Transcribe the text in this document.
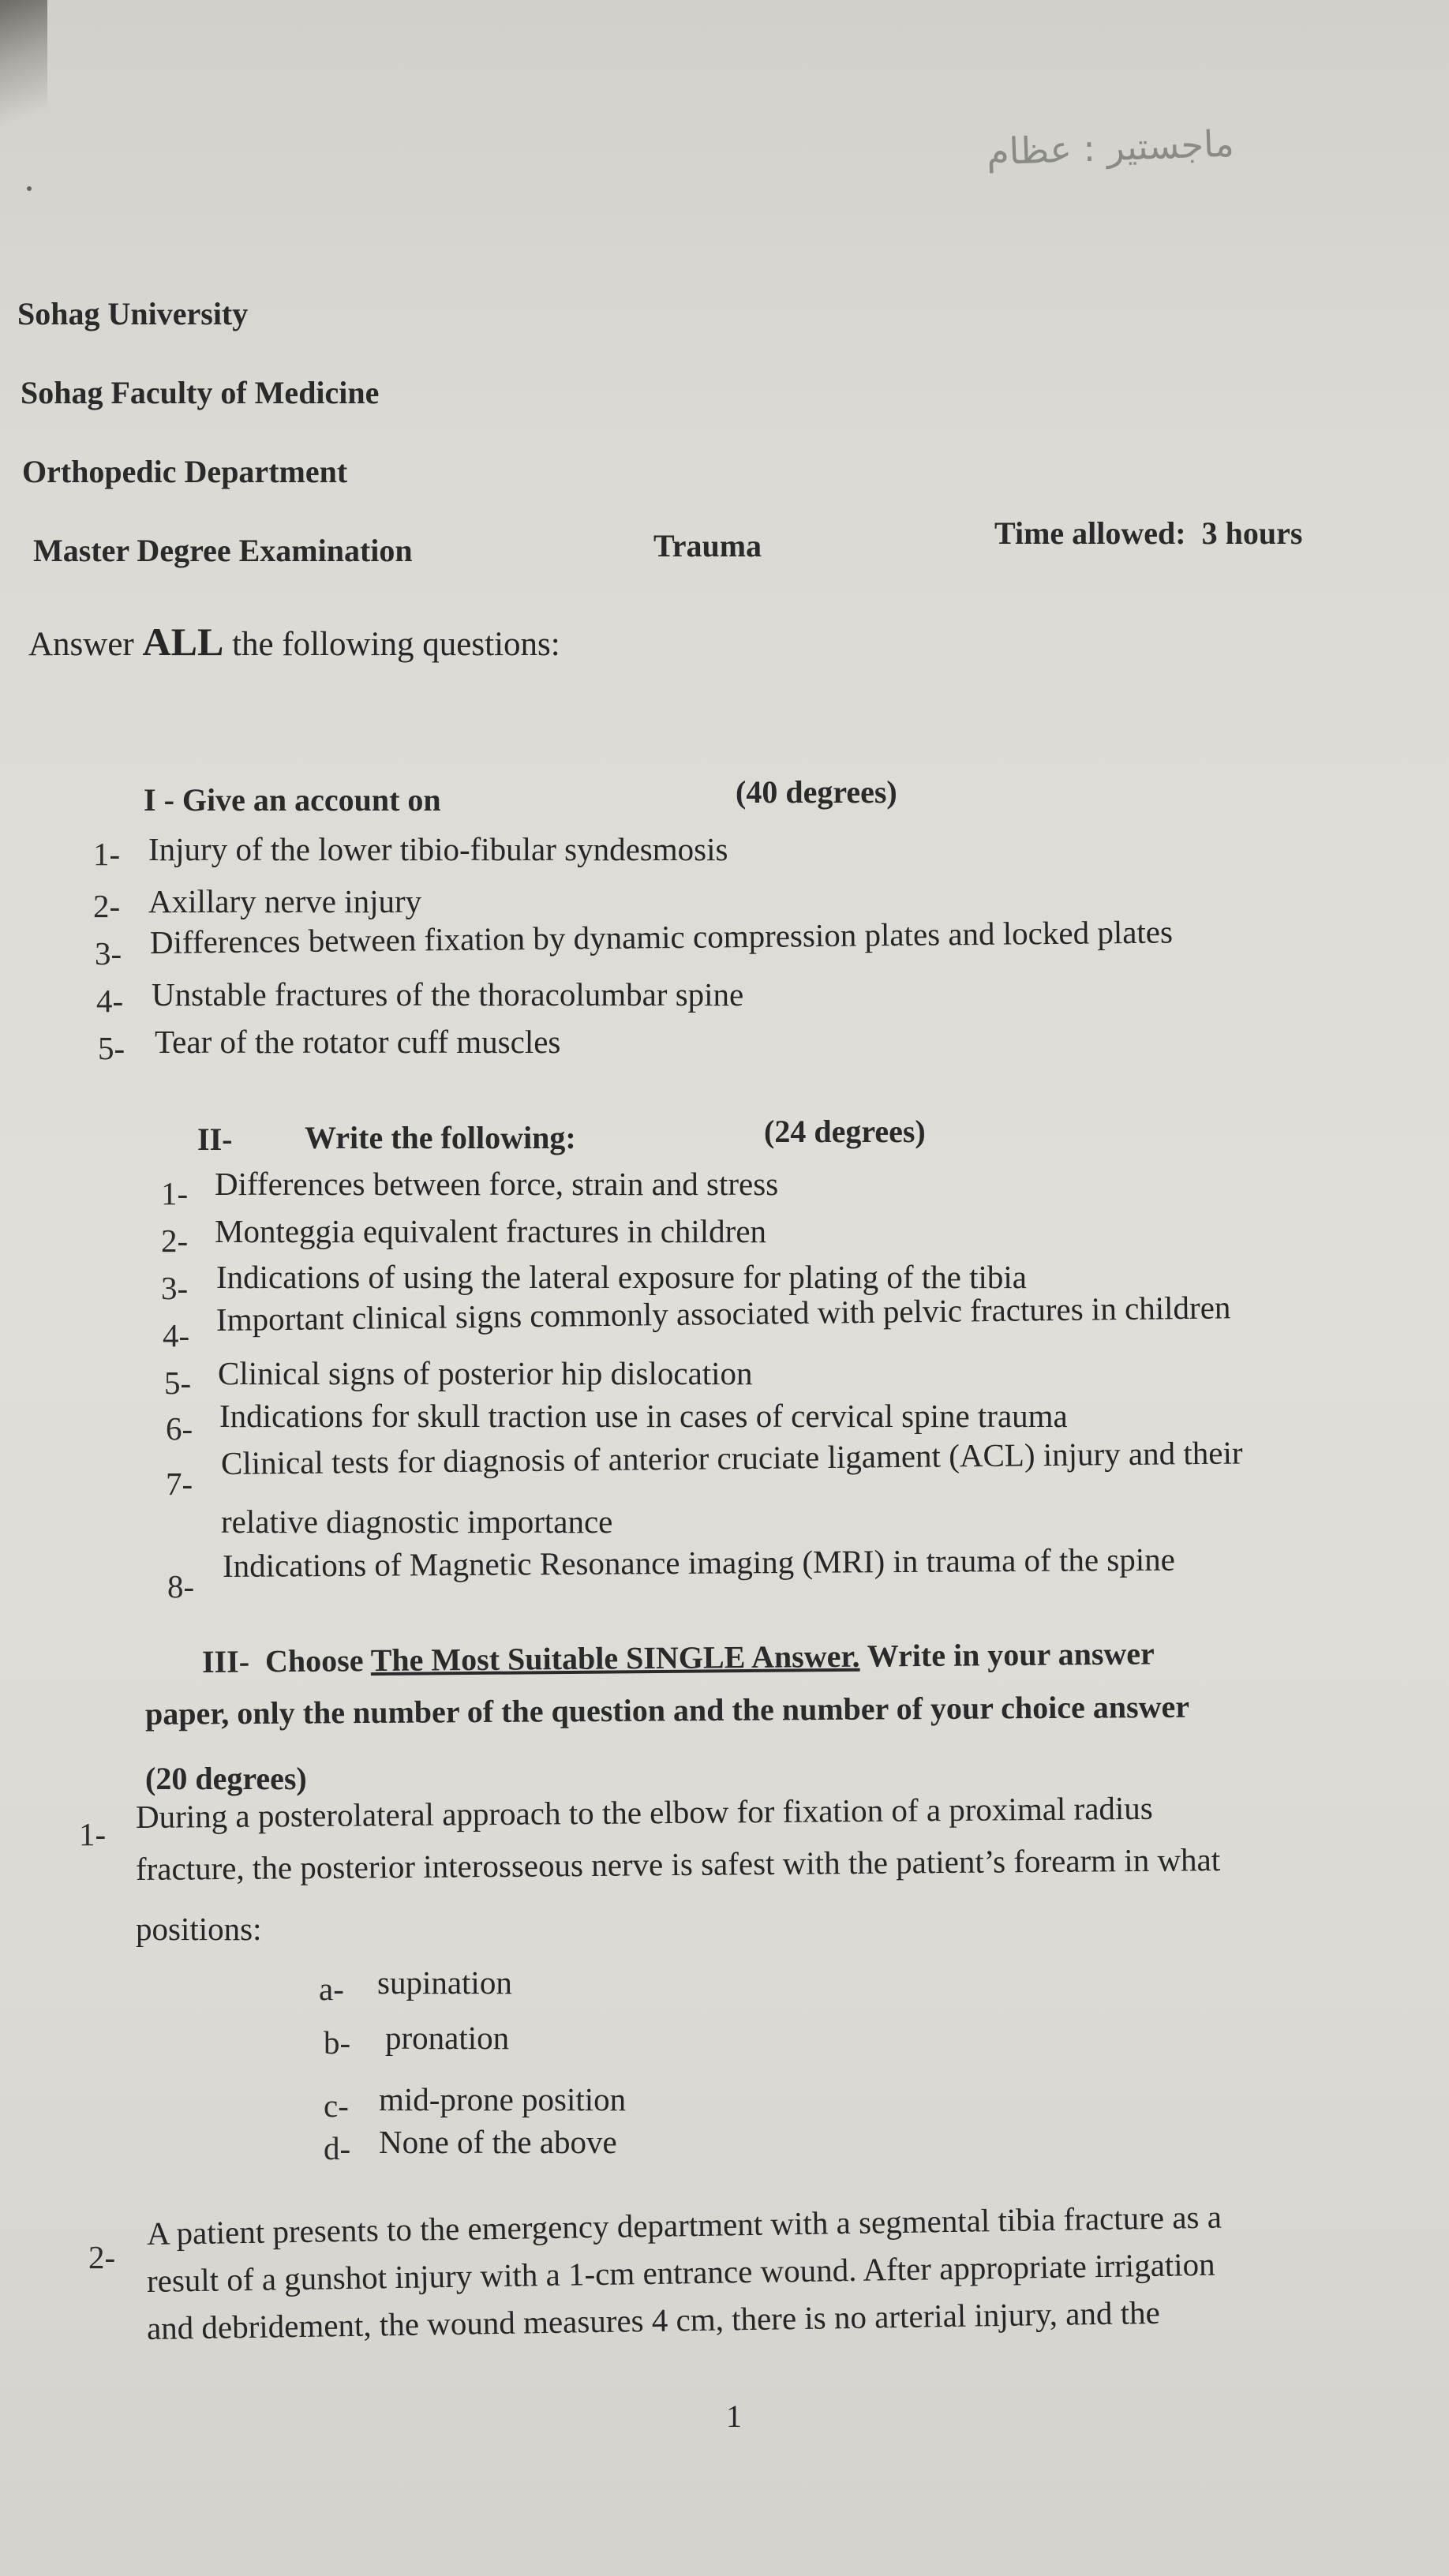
ماجستير : عظام
Sohag University
Sohag Faculty of Medicine
Orthopedic Department
Master Degree Examination	Trauma	Time allowed:  3 hours
Answer ALL the following questions:
I - Give an account on	(40 degrees)
1- Injury of the lower tibio-fibular syndesmosis
2- Axillary nerve injury
3- Differences between fixation by dynamic compression plates and locked plates
4- Unstable fractures of the thoracolumbar spine
5- Tear of the rotator cuff muscles
II- Write the following:	(24 degrees)
1- Differences between force, strain and stress
2- Monteggia equivalent fractures in children
3- Indications of using the lateral exposure for plating of the tibia
4- Important clinical signs commonly associated with pelvic fractures in children
5- Clinical signs of posterior hip dislocation
6- Indications for skull traction use in cases of cervical spine trauma
7-
Clinical tests for diagnosis of anterior cruciate ligament (ACL) injury and their
relative diagnostic importance
8-
Indications of Magnetic Resonance imaging (MRI) in trauma of the spine
III-  Choose The Most Suitable SINGLE Answer. Write in your answer
paper, only the number of the question and the number of your choice answer
(20 degrees)
1- During a posterolateral approach to the elbow for fixation of a proximal radius
fracture, the posterior interosseous nerve is safest with the patient’s forearm in what
positions:
a- supination
b- pronation
c- mid-prone position
d- None of the above
2-
A patient presents to the emergency department with a segmental tibia fracture as a
result of a gunshot injury with a 1-cm entrance wound. After appropriate irrigation
and debridement, the wound measures 4 cm, there is no arterial injury, and the
1
